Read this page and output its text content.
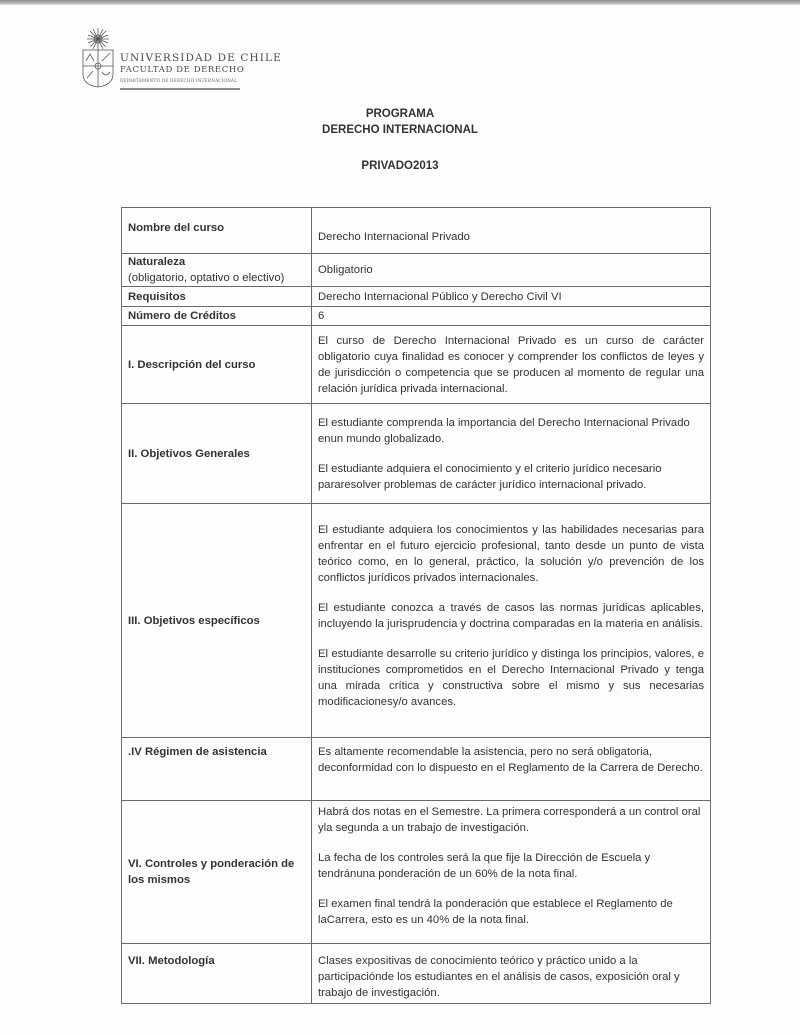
UNIVERSIDAD DE CHILE
FACULTAD DE DERECHO
DEPARTAMENTO DE DERECHO INTERNACIONAL
PROGRAMA
DERECHO INTERNACIONAL
PRIVADO2013
Nombre del curso	Derecho Internacional Privado

Naturaleza
(obligatorio, optativo o electivo)	Obligatorio

Requisitos	Derecho Internacional Público y Derecho Civil VI

Número de Créditos	6

I. Descripción del curso	El curso de Derecho Internacional Privado es un curso de carácter obligatorio cuya finalidad es conocer y comprender los conflictos de leyes y de jurisdicción o competencia que se producen al momento de regular una relación jurídica privada internacional.

II. Objetivos Generales	El estudiante comprenda la importancia del Derecho Internacional Privado enun mundo globalizado.

El estudiante adquiera el conocimiento y el criterio jurídico necesario pararesolver problemas de carácter jurídico internacional privado.

III. Objetivos específicos	El estudiante adquiera los conocimientos y las habilidades necesarias para enfrentar en el futuro ejercicio profesional, tanto desde un punto de vista teórico como, en lo general, práctico, la solución y/o prevención de los conflictos jurídicos privados internacionales.

El estudiante conozca a través de casos las normas jurídicas aplicables, incluyendo la jurisprudencia y doctrina comparadas en la materia en análisis.

El estudiante desarrolle su criterio jurídico y distinga los principios, valores, e instituciones comprometidos en el Derecho Internacional Privado y tenga una mirada crítica y constructiva sobre el mismo y sus necesarias modificacionesy/o avances.

.IV Régimen de asistencia	Es altamente recomendable la asistencia, pero no será obligatoria, deconformidad con lo dispuesto en el Reglamento de la Carrera de Derecho.

VI. Controles y ponderación de los mismos	Habrá dos notas en el Semestre. La primera corresponderá a un control oral yla segunda a un trabajo de investigación.

La fecha de los controles será la que fije la Dirección de Escuela y tendránuna ponderación de un 60% de la nota final.

El examen final tendrá la ponderación que establece el Reglamento de laCarrera, esto es un 40% de la nota final.

VII. Metodología	Clases expositivas de conocimiento teórico y práctico unido a la participaciónde los estudiantes en el análisis de casos, exposición oral y trabajo de investigación.
